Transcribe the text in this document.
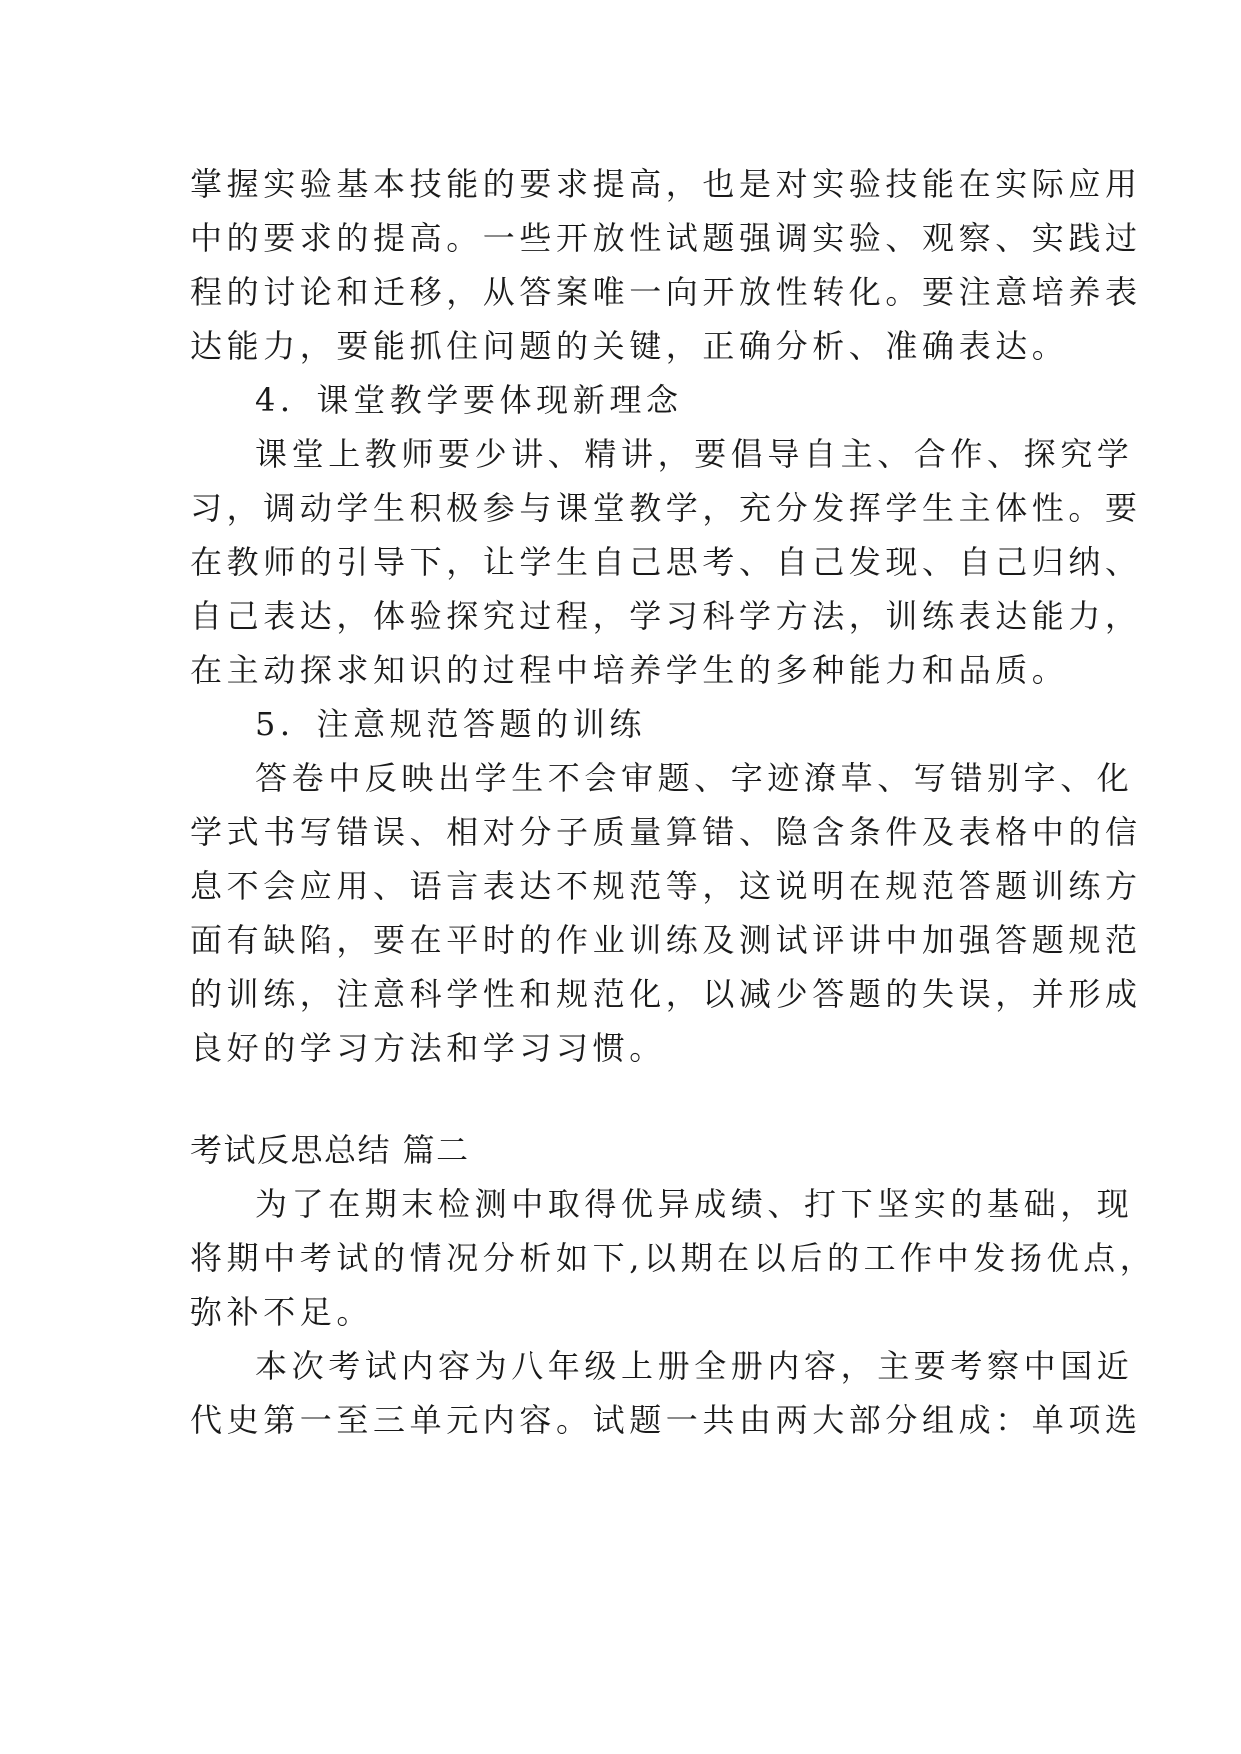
掌握实验基本技能的要求提高，也是对实验技能在实际应用
中的要求的提高。一些开放性试题强调实验、观察、实践过
程的讨论和迁移，从答案唯一向开放性转化。要注意培养表
达能力，要能抓住问题的关键，正确分析、准确表达。
4．课堂教学要体现新理念
课堂上教师要少讲、精讲，要倡导自主、合作、探究学
习，调动学生积极参与课堂教学，充分发挥学生主体性。要
在教师的引导下，让学生自己思考、自己发现、自己归纳、
自己表达，体验探究过程，学习科学方法，训练表达能力，
在主动探求知识的过程中培养学生的多种能力和品质。
5．注意规范答题的训练
答卷中反映出学生不会审题、字迹潦草、写错别字、化
学式书写错误、相对分子质量算错、隐含条件及表格中的信
息不会应用、语言表达不规范等，这说明在规范答题训练方
面有缺陷，要在平时的作业训练及测试评讲中加强答题规范
的训练，注意科学性和规范化，以减少答题的失误，并形成
良好的学习方法和学习习惯。
考试反思总结 篇二
为了在期末检测中取得优异成绩、打下坚实的基础，现
将期中考试的情况分析如下,以期在以后的工作中发扬优点，
弥补不足。
本次考试内容为八年级上册全册内容，主要考察中国近
代史第一至三单元内容。试题一共由两大部分组成：单项选
